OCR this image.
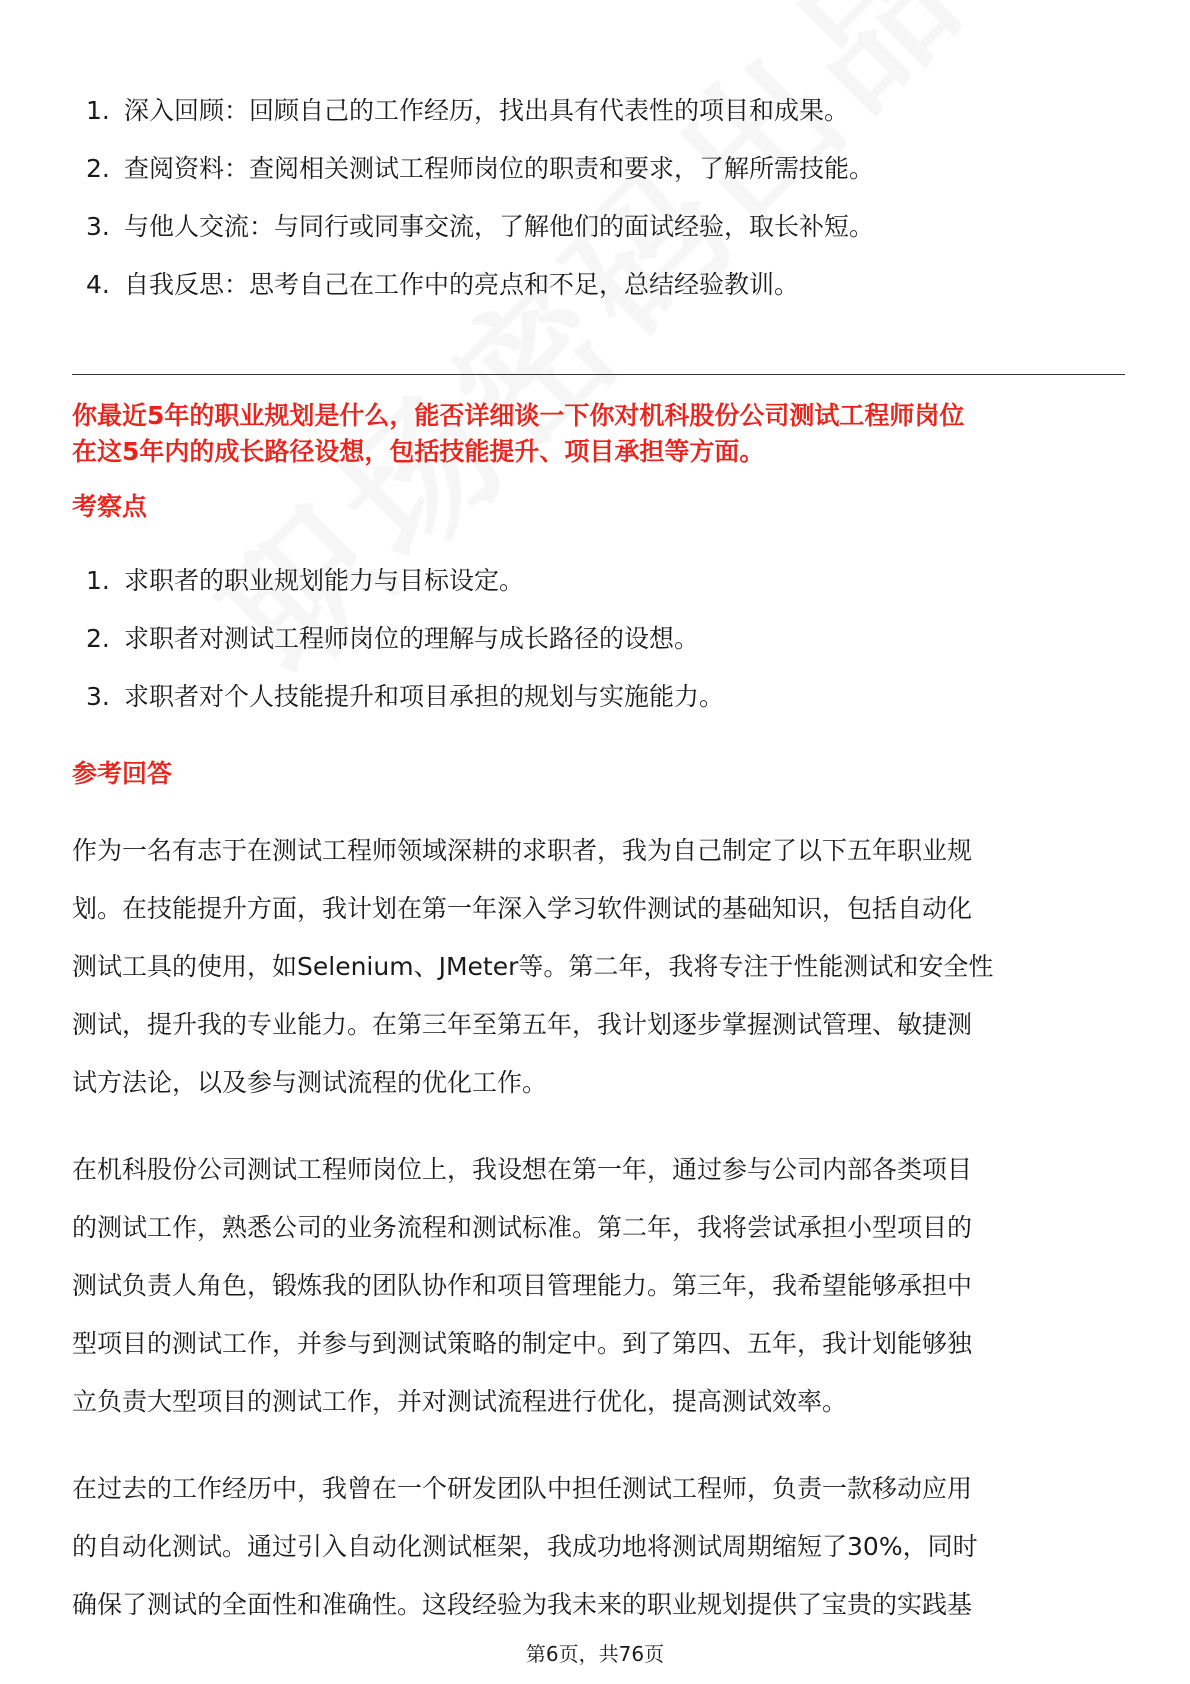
1. 深入回顾：回顾自己的工作经历，找出具有代表性的项目和成果。
2. 查阅资料：查阅相关测试工程师岗位的职责和要求，了解所需技能。
3. 与他人交流：与同行或同事交流，了解他们的面试经验，取长补短。
4. 自我反思：思考自己在工作中的亮点和不足，总结经验教训。
你最近5年的职业规划是什么，能否详细谈一下你对机科股份公司测试工程师岗位
在这5年内的成长路径设想，包括技能提升、项目承担等方面。
考察点
1. 求职者的职业规划能力与目标设定。
2. 求职者对测试工程师岗位的理解与成长路径的设想。
3. 求职者对个人技能提升和项目承担的规划与实施能力。
参考回答

作为一名有志于在测试工程师领域深耕的求职者，我为自己制定了以下五年职业规
划。在技能提升方面，我计划在第一年深入学习软件测试的基础知识，包括自动化
测试工具的使用，如Selenium、JMeter等。第二年，我将专注于性能测试和安全性
测试，提升我的专业能力。在第三年至第五年，我计划逐步掌握测试管理、敏捷测
试方法论，以及参与测试流程的优化工作。

在机科股份公司测试工程师岗位上，我设想在第一年，通过参与公司内部各类项目
的测试工作，熟悉公司的业务流程和测试标准。第二年，我将尝试承担小型项目的
测试负责人角色，锻炼我的团队协作和项目管理能力。第三年，我希望能够承担中
型项目的测试工作，并参与到测试策略的制定中。到了第四、五年，我计划能够独
立负责大型项目的测试工作，并对测试流程进行优化，提高测试效率。

在过去的工作经历中，我曾在一个研发团队中担任测试工程师，负责一款移动应用
的自动化测试。通过引入自动化测试框架，我成功地将测试周期缩短了30%，同时
确保了测试的全面性和准确性。这段经验为我未来的职业规划提供了宝贵的实践基

第6页，共76页
